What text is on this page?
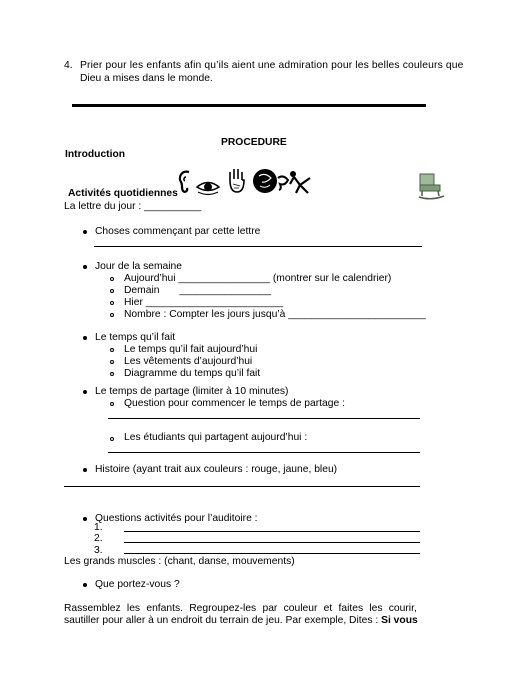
4. Prier pour les enfants afin qu’ils aient une admiration pour les belles couleurs que
Dieu a mises dans le monde.
PROCEDURE
Introduction
Activités quotidiennes
La lettre du jour : __________
Choses commençant par cette lettre
Jour de la semaine
Aujourd’hui ________________ (montrer sur le calendrier)
Demain       ________________
Hier ________________________
Nombre : Compter les jours jusqu’à ________________________
Le temps qu’il fait
Le temps qu’il fait aujourd’hui
Les vêtements d’aujourd’hui
Diagramme du temps qu’il fait
Le temps de partage (limiter à 10 minutes)
Question pour commencer le temps de partage :
Les étudiants qui partagent aujourd’hui :
Histoire (ayant trait aux couleurs : rouge, jaune, bleu)
Questions activités pour l’auditoire :
1.
2.
3.
Les grands muscles : (chant, danse, mouvements)
Que portez-vous ?
Rassemblez les enfants. Regroupez-les par couleur et faites les courir,
sautiller pour aller à un endroit du terrain de jeu. Par exemple, Dites : Si vous
